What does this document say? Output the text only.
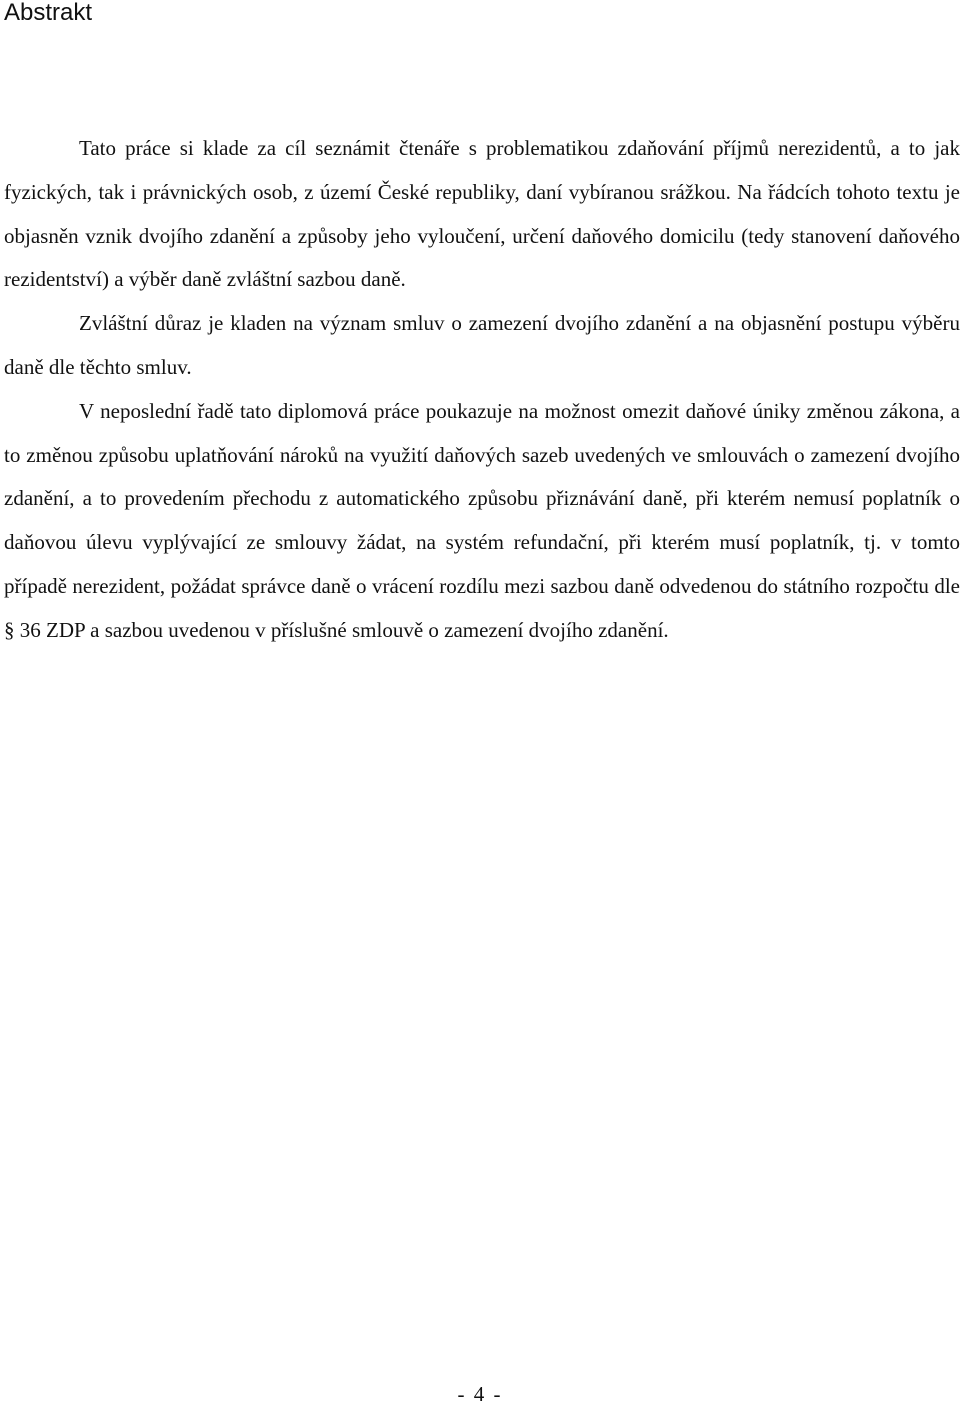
Abstrakt

Tato práce si klade za cíl seznámit čtenáře s problematikou zdaňování příjmů nerezidentů, a to jak fyzických, tak i právnických osob, z území České republiky, daní vybíranou srážkou. Na řádcích tohoto textu je objasněn vznik dvojího zdanění a způsoby jeho vyloučení, určení daňového domicilu (tedy stanovení daňového rezidentství) a výběr daně zvláštní sazbou daně.

Zvláštní důraz je kladen na význam smluv o zamezení dvojího zdanění a na objasnění postupu výběru daně dle těchto smluv.

V neposlední řadě tato diplomová práce poukazuje na možnost omezit daňové úniky změnou zákona, a to změnou způsobu uplatňování nároků na využití daňových sazeb uvedených ve smlouvách o zamezení dvojího zdanění, a to provedením přechodu z automatického způsobu přiznávání daně, při kterém nemusí poplatník o daňovou úlevu vyplývající ze smlouvy žádat, na systém refundační, při kterém musí poplatník, tj. v tomto případě nerezident, požádat správce daně o vrácení rozdílu mezi sazbou daně odvedenou do státního rozpočtu dle § 36 ZDP a sazbou uvedenou v příslušné smlouvě o zamezení dvojího zdanění.

- 4 -
